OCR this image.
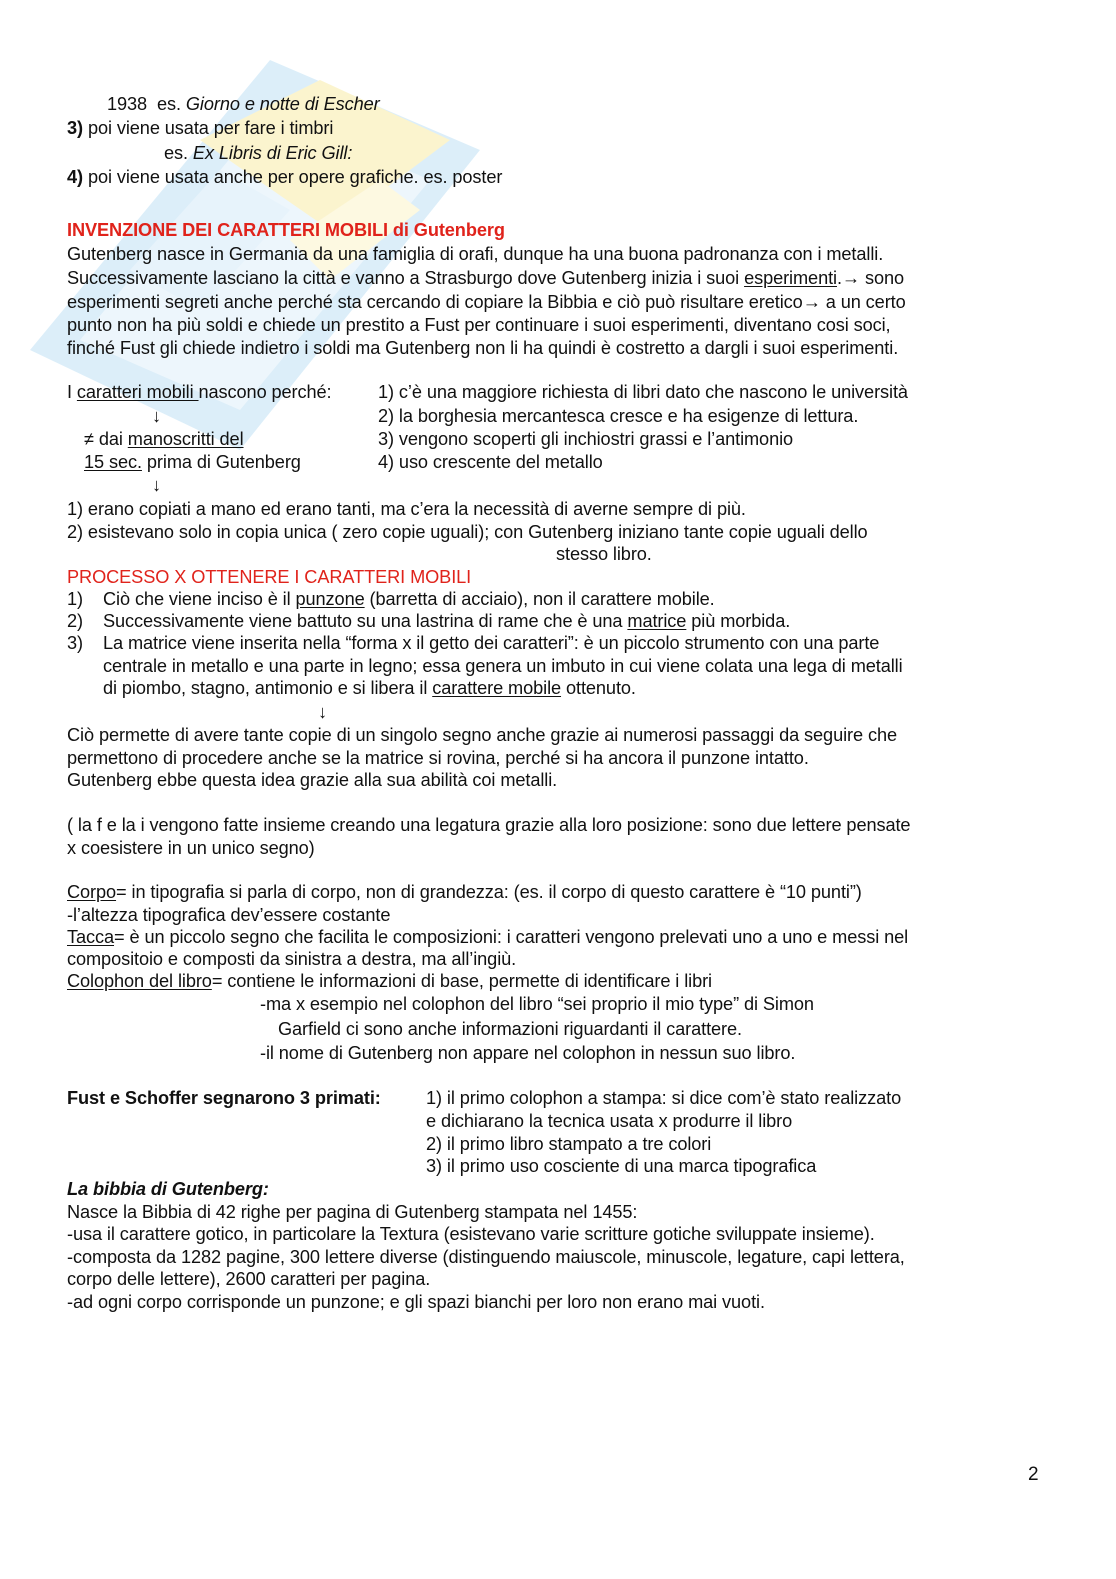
1938 es. Giorno e notte di Escher
3) poi viene usata per fare i timbri
es. Ex Libris di Eric Gill:
4) poi viene usata anche per opere grafiche. es. poster
INVENZIONE DEI CARATTERI MOBILI di Gutenberg
Gutenberg nasce in Germania da una famiglia di orafi, dunque ha una buona padronanza con i metalli.
Successivamente lasciano la città e vanno a Strasburgo dove Gutenberg inizia i suoi esperimenti.→ sono
esperimenti segreti anche perché sta cercando di copiare la Bibbia e ciò può risultare eretico→ a un certo
punto non ha più soldi e chiede un prestito a Fust per continuare i suoi esperimenti, diventano cosi soci,
finché Fust gli chiede indietro i soldi ma Gutenberg non li ha quindi è costretto a dargli i suoi esperimenti.
I caratteri mobili nascono perché:	1) c’è una maggiore richiesta di libri dato che nascono le università
↓	2) la borghesia mercantesca cresce e ha esigenze di lettura.
≠ dai manoscritti del	3) vengono scoperti gli inchiostri grassi e l’antimonio
15 sec. prima di Gutenberg	4) uso crescente del metallo
↓
1) erano copiati a mano ed erano tanti, ma c’era la necessità di averne sempre di più.
2) esistevano solo in copia unica ( zero copie uguali); con Gutenberg iniziano tante copie uguali dello
stesso libro.
PROCESSO X OTTENERE I CARATTERI MOBILI
1) Ciò che viene inciso è il punzone (barretta di acciaio), non il carattere mobile.
2) Successivamente viene battuto su una lastrina di rame che è una matrice più morbida.
3) La matrice viene inserita nella “forma x il getto dei caratteri”: è un piccolo strumento con una parte
centrale in metallo e una parte in legno; essa genera un imbuto in cui viene colata una lega di metalli
di piombo, stagno, antimonio e si libera il carattere mobile ottenuto.
↓
Ciò permette di avere tante copie di un singolo segno anche grazie ai numerosi passaggi da seguire che
permettono di procedere anche se la matrice si rovina, perché si ha ancora il punzone intatto.
Gutenberg ebbe questa idea grazie alla sua abilità coi metalli.
( la f e la i vengono fatte insieme creando una legatura grazie alla loro posizione: sono due lettere pensate
x coesistere in un unico segno)
Corpo= in tipografia si parla di corpo, non di grandezza: (es. il corpo di questo carattere è “10 punti”)
-l’altezza tipografica dev’essere costante
Tacca= è un piccolo segno che facilita le composizioni: i caratteri vengono prelevati uno a uno e messi nel
compositoio e composti da sinistra a destra, ma all’ingiù.
Colophon del libro= contiene le informazioni di base, permette di identificare i libri
-ma x esempio nel colophon del libro “sei proprio il mio type” di Simon
Garfield ci sono anche informazioni riguardanti il carattere.
-il nome di Gutenberg non appare nel colophon in nessun suo libro.
Fust e Schoffer segnarono 3 primati: 1) il primo colophon a stampa: si dice com’è stato realizzato
e dichiarano la tecnica usata x produrre il libro
2) il primo libro stampato a tre colori
3) il primo uso cosciente di una marca tipografica
La bibbia di Gutenberg:
Nasce la Bibbia di 42 righe per pagina di Gutenberg stampata nel 1455:
-usa il carattere gotico, in particolare la Textura (esistevano varie scritture gotiche sviluppate insieme).
-composta da 1282 pagine, 300 lettere diverse (distinguendo maiuscole, minuscole, legature, capi lettera,
corpo delle lettere), 2600 caratteri per pagina.
-ad ogni corpo corrisponde un punzone; e gli spazi bianchi per loro non erano mai vuoti.
2
